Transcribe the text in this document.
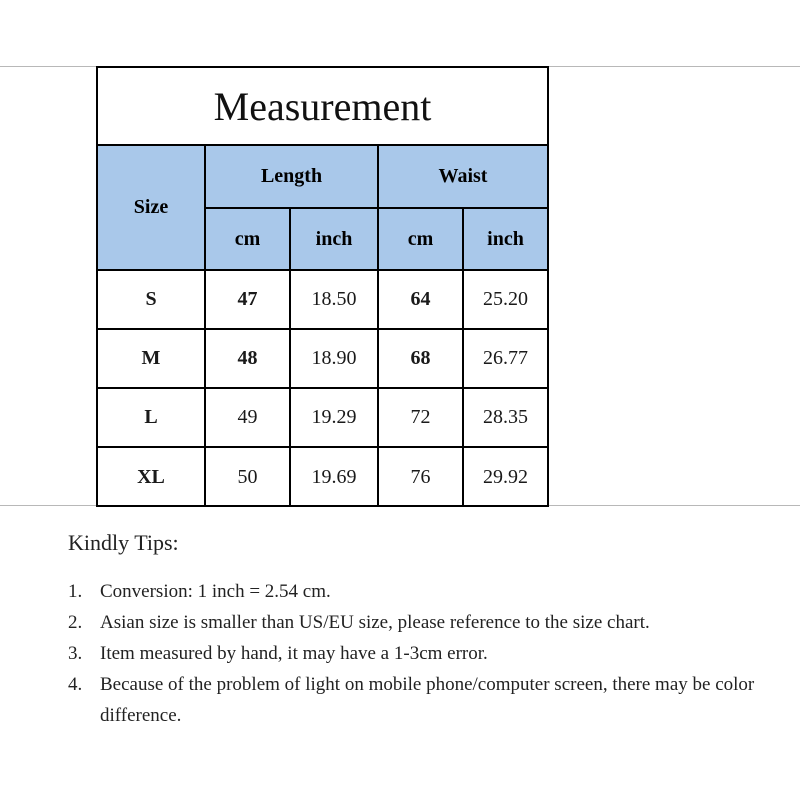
Measurement
Size	Length		Waist	
	cm	inch	cm	inch
S	47	18.50	64	25.20
M	48	18.90	68	26.77
L	49	19.29	72	28.35
XL	50	19.69	76	29.92
Kindly Tips:
1. Conversion: 1 inch = 2.54 cm.
2. Asian size is smaller than US/EU size, please reference to the size chart.
3. Item measured by hand, it may have a 1-3cm error.
4. Because of the problem of light on mobile phone/computer screen, there may be color difference.
